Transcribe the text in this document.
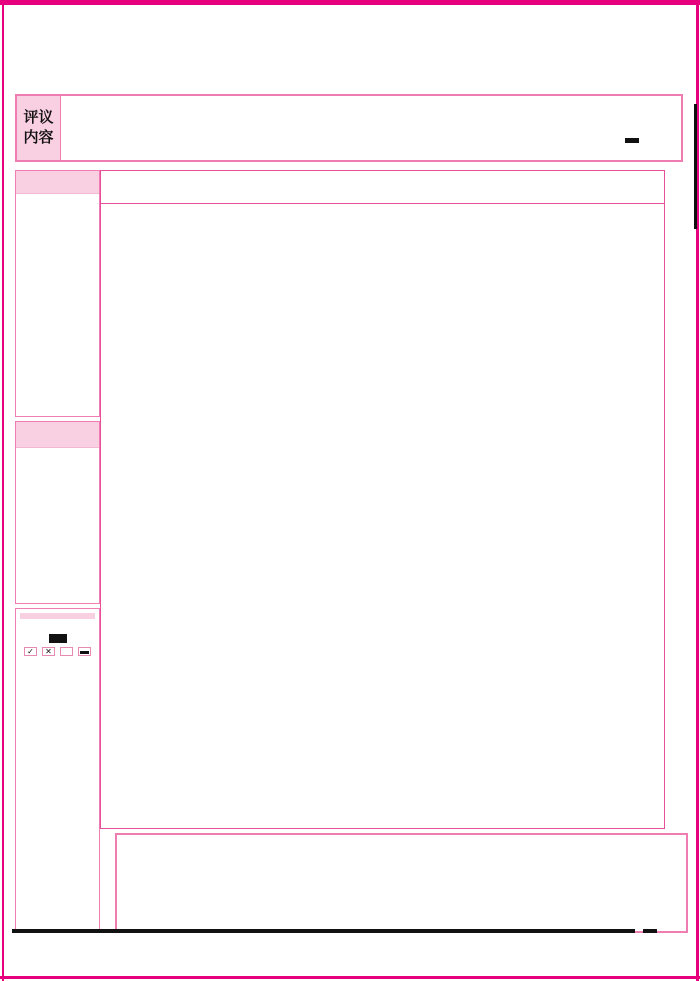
评议
内容

✓	✕
